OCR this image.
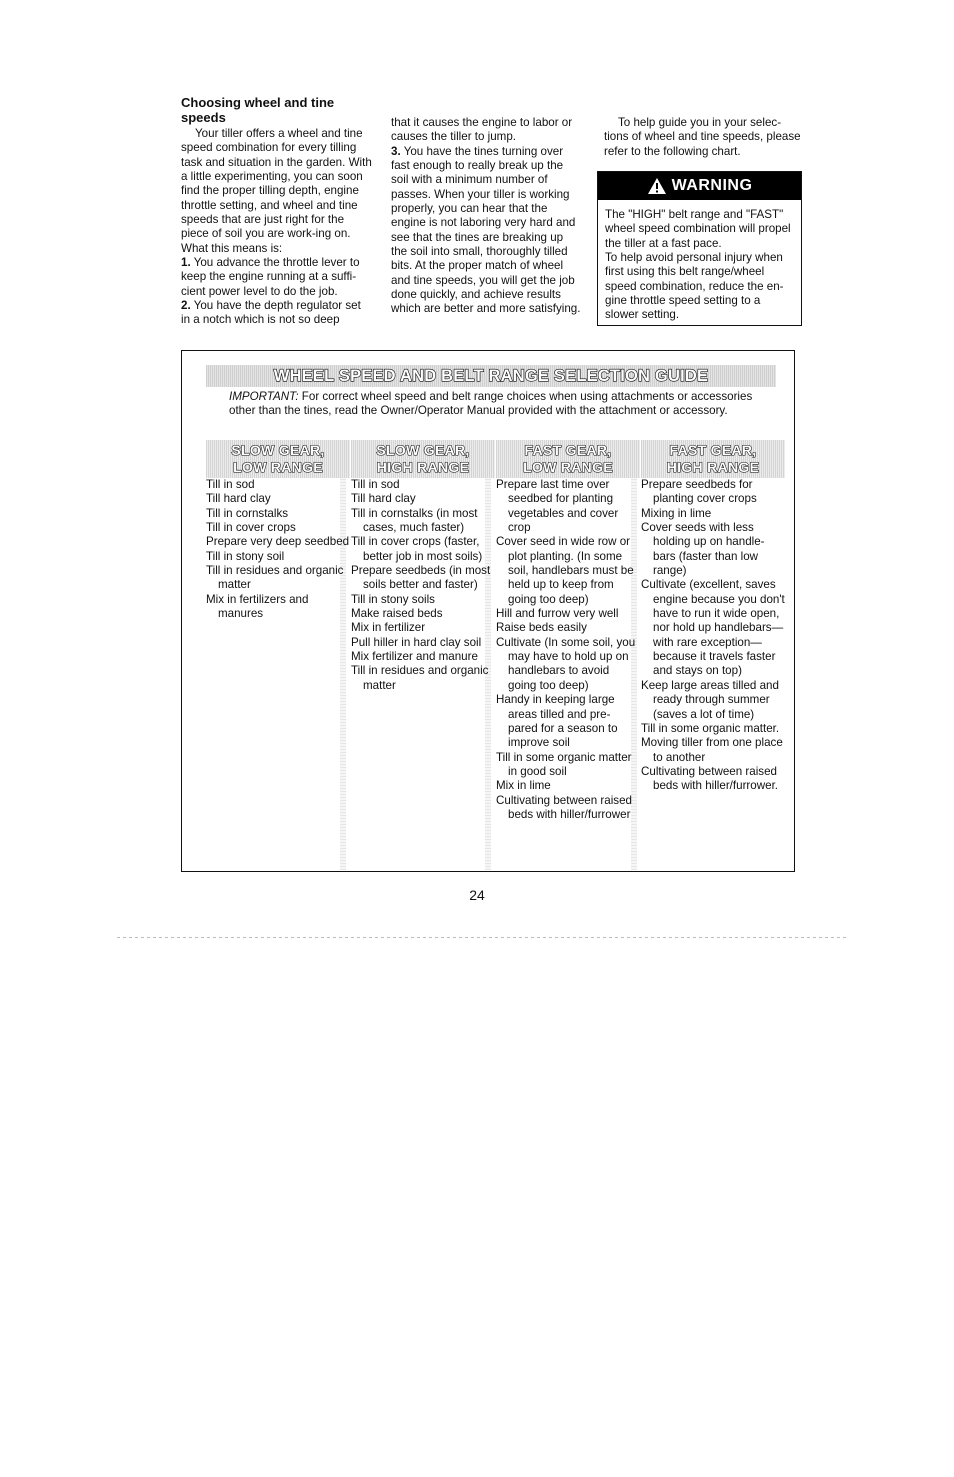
Choosing wheel and tine speeds

Your tiller offers a wheel and tine speed combination for every tilling task and situation in the garden. With a little experimenting, you can soon find the proper tilling depth, engine throttle setting, and wheel and tine speeds that are just right for the piece of soil you are work-ing on. What this means is:

1. You advance the throttle lever to keep the engine running at a suffi-cient power level to do the job.

2. You have the depth regulator set in a notch which is not so deep

that it causes the engine to labor or causes the tiller to jump.

3. You have the tines turning over fast enough to really break up the soil with a minimum number of passes. When your tiller is working properly, you can hear that the engine is not laboring very hard and see that the tines are breaking up the soil into small, thoroughly tilled bits. At the proper match of wheel and tine speeds, you will get the job done quickly, and achieve results which are better and more satisfying.

To help guide you in your selec-tions of wheel and tine speeds, please refer to the following chart.

WARNING

The "HIGH" belt range and "FAST" wheel speed combination will propel the tiller at a fast pace.

To help avoid personal injury when first using this belt range/wheel speed combination, reduce the en-gine throttle speed setting to a slower setting.

WHEEL SPEED AND BELT RANGE SELECTION GUIDE
IMPORTANT: For correct wheel speed and belt range choices when using attachments or accessories other than the tines, read the Owner/Operator Manual provided with the attachment or accessory.
SLOW GEAR,
LOW RANGE
Till in sod
Till hard clay
Till in cornstalks
Till in cover crops
Prepare very deep seedbed
Till in stony soil
Till in residues and organic matter
Mix in fertilizers and manures
SLOW GEAR,
HIGH RANGE
Till in sod
Till hard clay
Till in cornstalks (in most cases, much faster)
Till in cover crops (faster, better job in most soils)
Prepare seedbeds (in most soils better and faster)
Till in stony soils
Make raised beds
Mix in fertilizer
Pull hiller in hard clay soil
Mix fertilizer and manure
Till in residues and organic matter
FAST GEAR,
LOW RANGE
Prepare last time over seedbed for planting vegetables and cover crop
Cover seed in wide row or plot planting. (In some soil, handlebars must be held up to keep from going too deep)
Hill and furrow very well
Raise beds easily
Cultivate (In some soil, you may have to hold up on handlebars to avoid going too deep)
Handy in keeping large areas tilled and pre-pared for a season to improve soil
Till in some organic matter in good soil
Mix in lime
Cultivating between raised beds with hiller/furrower
FAST GEAR,
HIGH RANGE
Prepare seedbeds for planting cover crops
Mixing in lime
Cover seeds with less holding up on handle-bars (faster than low range)
Cultivate (excellent, saves engine because you don't have to run it wide open, nor hold up handlebars—with rare exception—because it travels faster and stays on top)
Keep large areas tilled and ready through summer (saves a lot of time)
Till in some organic matter.
Moving tiller from one place to another
Cultivating between raised beds with hiller/furrower.
24
